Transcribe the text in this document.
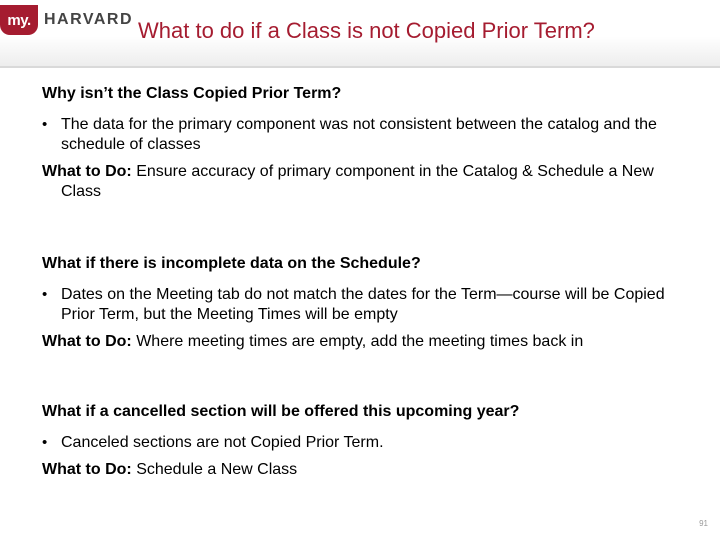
my. HARVARD What to do if a Class is not Copied Prior Term?

Why isn’t the Class Copied Prior Term?

• The data for the primary component was not consistent between the catalog and the schedule of classes

What to Do: Ensure accuracy of primary component in the Catalog & Schedule a New Class

What if there is incomplete data on the Schedule?

• Dates on the Meeting tab do not match the dates for the Term—course will be Copied Prior Term, but the Meeting Times will be empty

What to Do: Where meeting times are empty, add the meeting times back in

What if a cancelled section will be offered this upcoming year?

• Canceled sections are not Copied Prior Term.

What to Do: Schedule a New Class

91
